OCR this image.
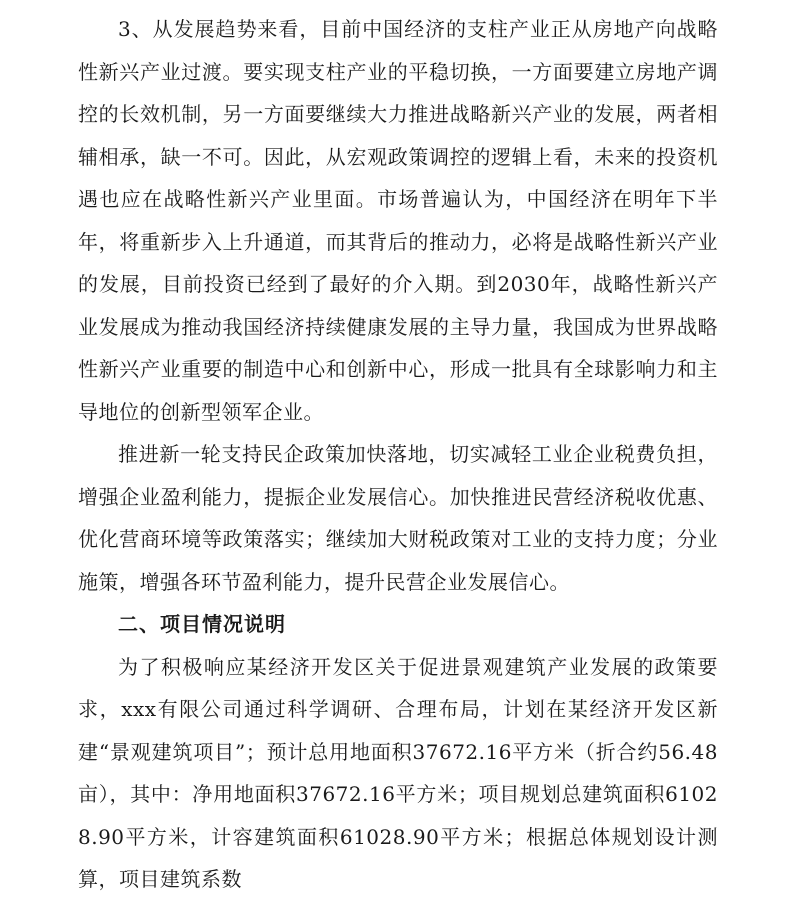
3、从发展趋势来看，目前中国经济的支柱产业正从房地产向战略性新兴产业过渡。要实现支柱产业的平稳切换，一方面要建立房地产调控的长效机制，另一方面要继续大力推进战略新兴产业的发展，两者相辅相承，缺一不可。因此，从宏观政策调控的逻辑上看，未来的投资机遇也应在战略性新兴产业里面。市场普遍认为，中国经济在明年下半年，将重新步入上升通道，而其背后的推动力，必将是战略性新兴产业的发展，目前投资已经到了最好的介入期。到2030年，战略性新兴产业发展成为推动我国经济持续健康发展的主导力量，我国成为世界战略性新兴产业重要的制造中心和创新中心，形成一批具有全球影响力和主导地位的创新型领军企业。

推进新一轮支持民企政策加快落地，切实减轻工业企业税费负担，增强企业盈利能力，提振企业发展信心。加快推进民营经济税收优惠、优化营商环境等政策落实；继续加大财税政策对工业的支持力度；分业施策，增强各环节盈利能力，提升民营企业发展信心。

二、项目情况说明

为了积极响应某经济开发区关于促进景观建筑产业发展的政策要求，xxx有限公司通过科学调研、合理布局，计划在某经济开发区新建“景观建筑项目”；预计总用地面积37672.16平方米（折合约56.48亩），其中：净用地面积37672.16平方米；项目规划总建筑面积61028.90平方米，计容建筑面积61028.90平方米；根据总体规划设计测算，项目建筑系数
